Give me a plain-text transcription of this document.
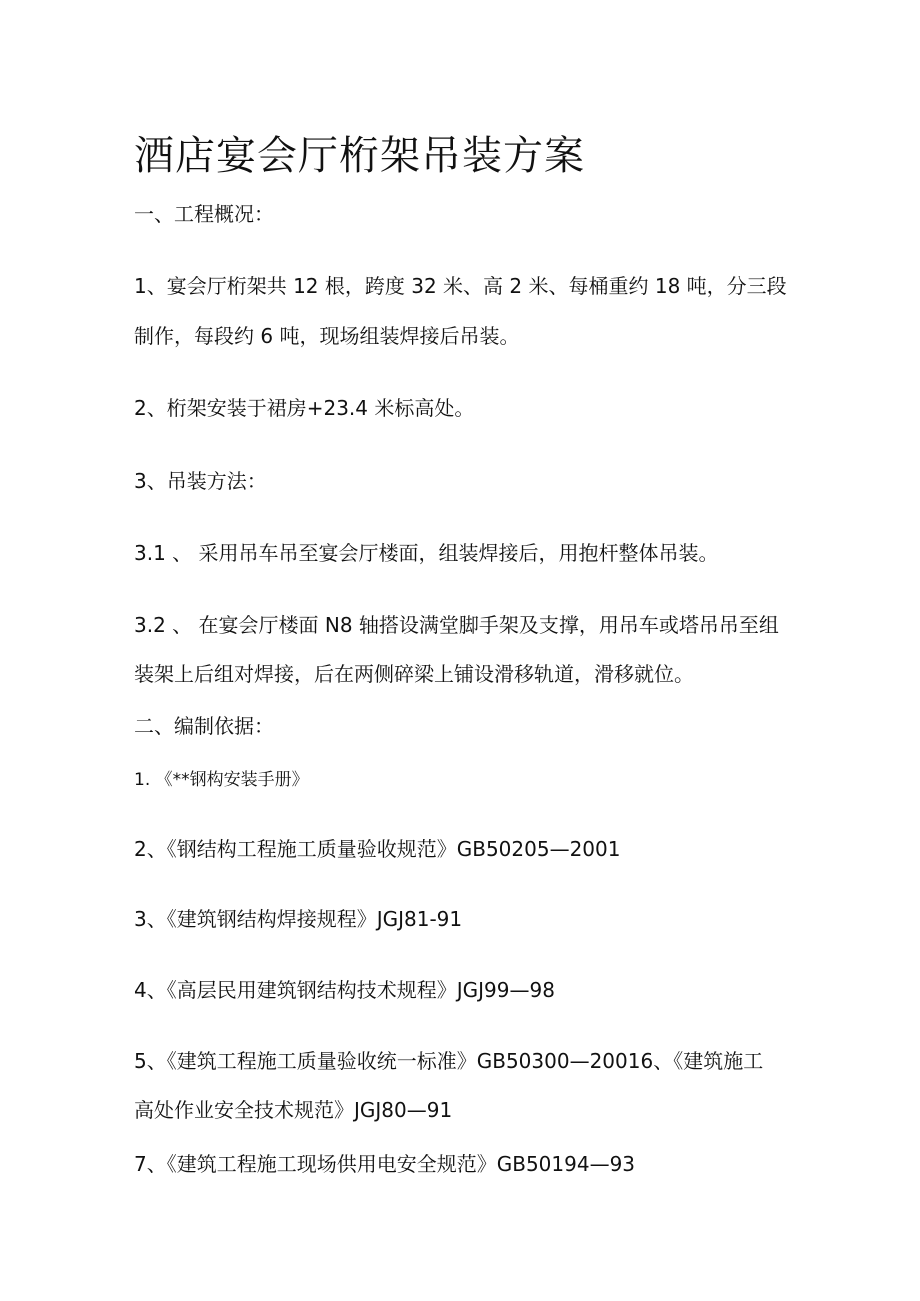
酒店宴会厅桁架吊装方案

一、工程概况：

1、宴会厅桁架共 12 根，跨度 32 米、高 2 米、每桶重约 18 吨，分三段

制作，每段约 6 吨，现场组装焊接后吊装。

2、桁架安装于裙房+23.4 米标高处。

3、吊装方法：

3.1 、 采用吊车吊至宴会厅楼面，组装焊接后，用抱杆整体吊装。

3.2 、 在宴会厅楼面 N8 轴搭设满堂脚手架及支撑，用吊车或塔吊吊至组

装架上后组对焊接，后在两侧碎梁上铺设滑移轨道，滑移就位。

二、编制依据：

1. 《**钢构安装手册》

2、《钢结构工程施工质量验收规范》GB50205—2001

3、《建筑钢结构焊接规程》JGJ81-91

4、《高层民用建筑钢结构技术规程》JGJ99—98

5、《建筑工程施工质量验收统一标准》GB50300—20016、《建筑施工

高处作业安全技术规范》JGJ80—91

7、《建筑工程施工现场供用电安全规范》GB50194—93
